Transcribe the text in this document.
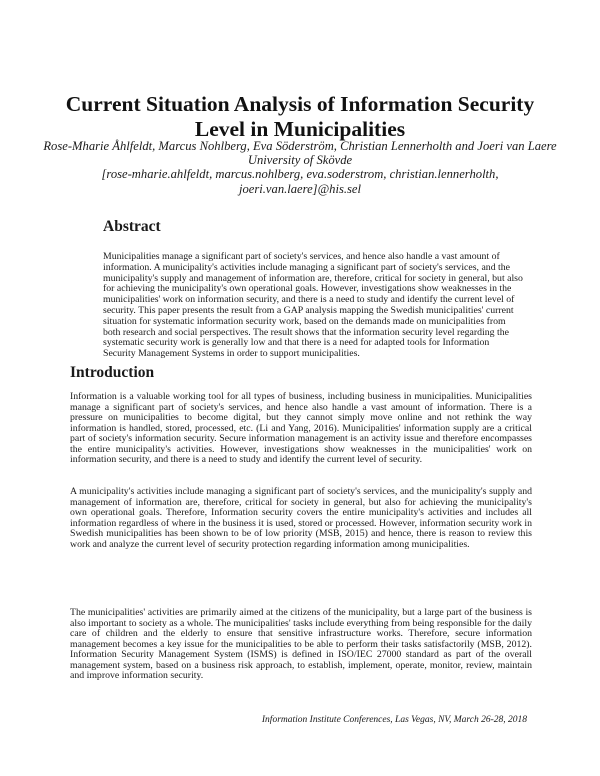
Current Situation Analysis of Information Security Level in Municipalities
Rose-Mharie Åhlfeldt, Marcus Nohlberg, Eva Söderström, Christian Lennerholth and Joeri van Laere
University of Skövde
[rose-mharie.ahlfeldt, marcus.nohlberg, eva.soderstrom, christian.lennerholth, joeri.van.laere]@his.sel
Abstract

Municipalities manage a significant part of society's services, and hence also handle a vast amount of information. A municipality's activities include managing a significant part of society's services, and the municipality's supply and management of information are, therefore, critical for society in general, but also for achieving the municipality's own operational goals. However, investigations show weaknesses in the municipalities' work on information security, and there is a need to study and identify the current level of security. This paper presents the result from a GAP analysis mapping the Swedish municipalities' current situation for systematic information security work, based on the demands made on municipalities from both research and social perspectives. The result shows that the information security level regarding the systematic security work is generally low and that there is a need for adapted tools for Information Security Management Systems in order to support municipalities.

Introduction

Information is a valuable working tool for all types of business, including business in municipalities. Municipalities manage a significant part of society's services, and hence also handle a vast amount of information. There is a pressure on municipalities to become digital, but they cannot simply move online and not rethink the way information is handled, stored, processed, etc. (Li and Yang, 2016). Municipalities' information supply are a critical part of society's information security. Secure information management is an activity issue and therefore encompasses the entire municipality's activities. However, investigations show weaknesses in the municipalities' work on information security, and there is a need to study and identify the current level of security.

A municipality's activities include managing a significant part of society's services, and the municipality's supply and management of information are, therefore, critical for society in general, but also for achieving the municipality's own operational goals. Therefore, Information security covers the entire municipality's activities and includes all information regardless of where in the business it is used, stored or processed. However, information security work in Swedish municipalities has been shown to be of low priority (MSB, 2015) and hence, there is reason to review this work and analyze the current level of security protection regarding information among municipalities.

The municipalities' activities are primarily aimed at the citizens of the municipality, but a large part of the business is also important to society as a whole. The municipalities' tasks include everything from being responsible for the daily care of children and the elderly to ensure that sensitive infrastructure works. Therefore, secure information management becomes a key issue for the municipalities to be able to perform their tasks satisfactorily (MSB, 2012). Information Security Management System (ISMS) is defined in ISO/IEC 27000 standard as part of the overall management system, based on a business risk approach, to establish, implement, operate, monitor, review, maintain and improve information security.

Information Institute Conferences, Las Vegas, NV, March 26-28, 2018
